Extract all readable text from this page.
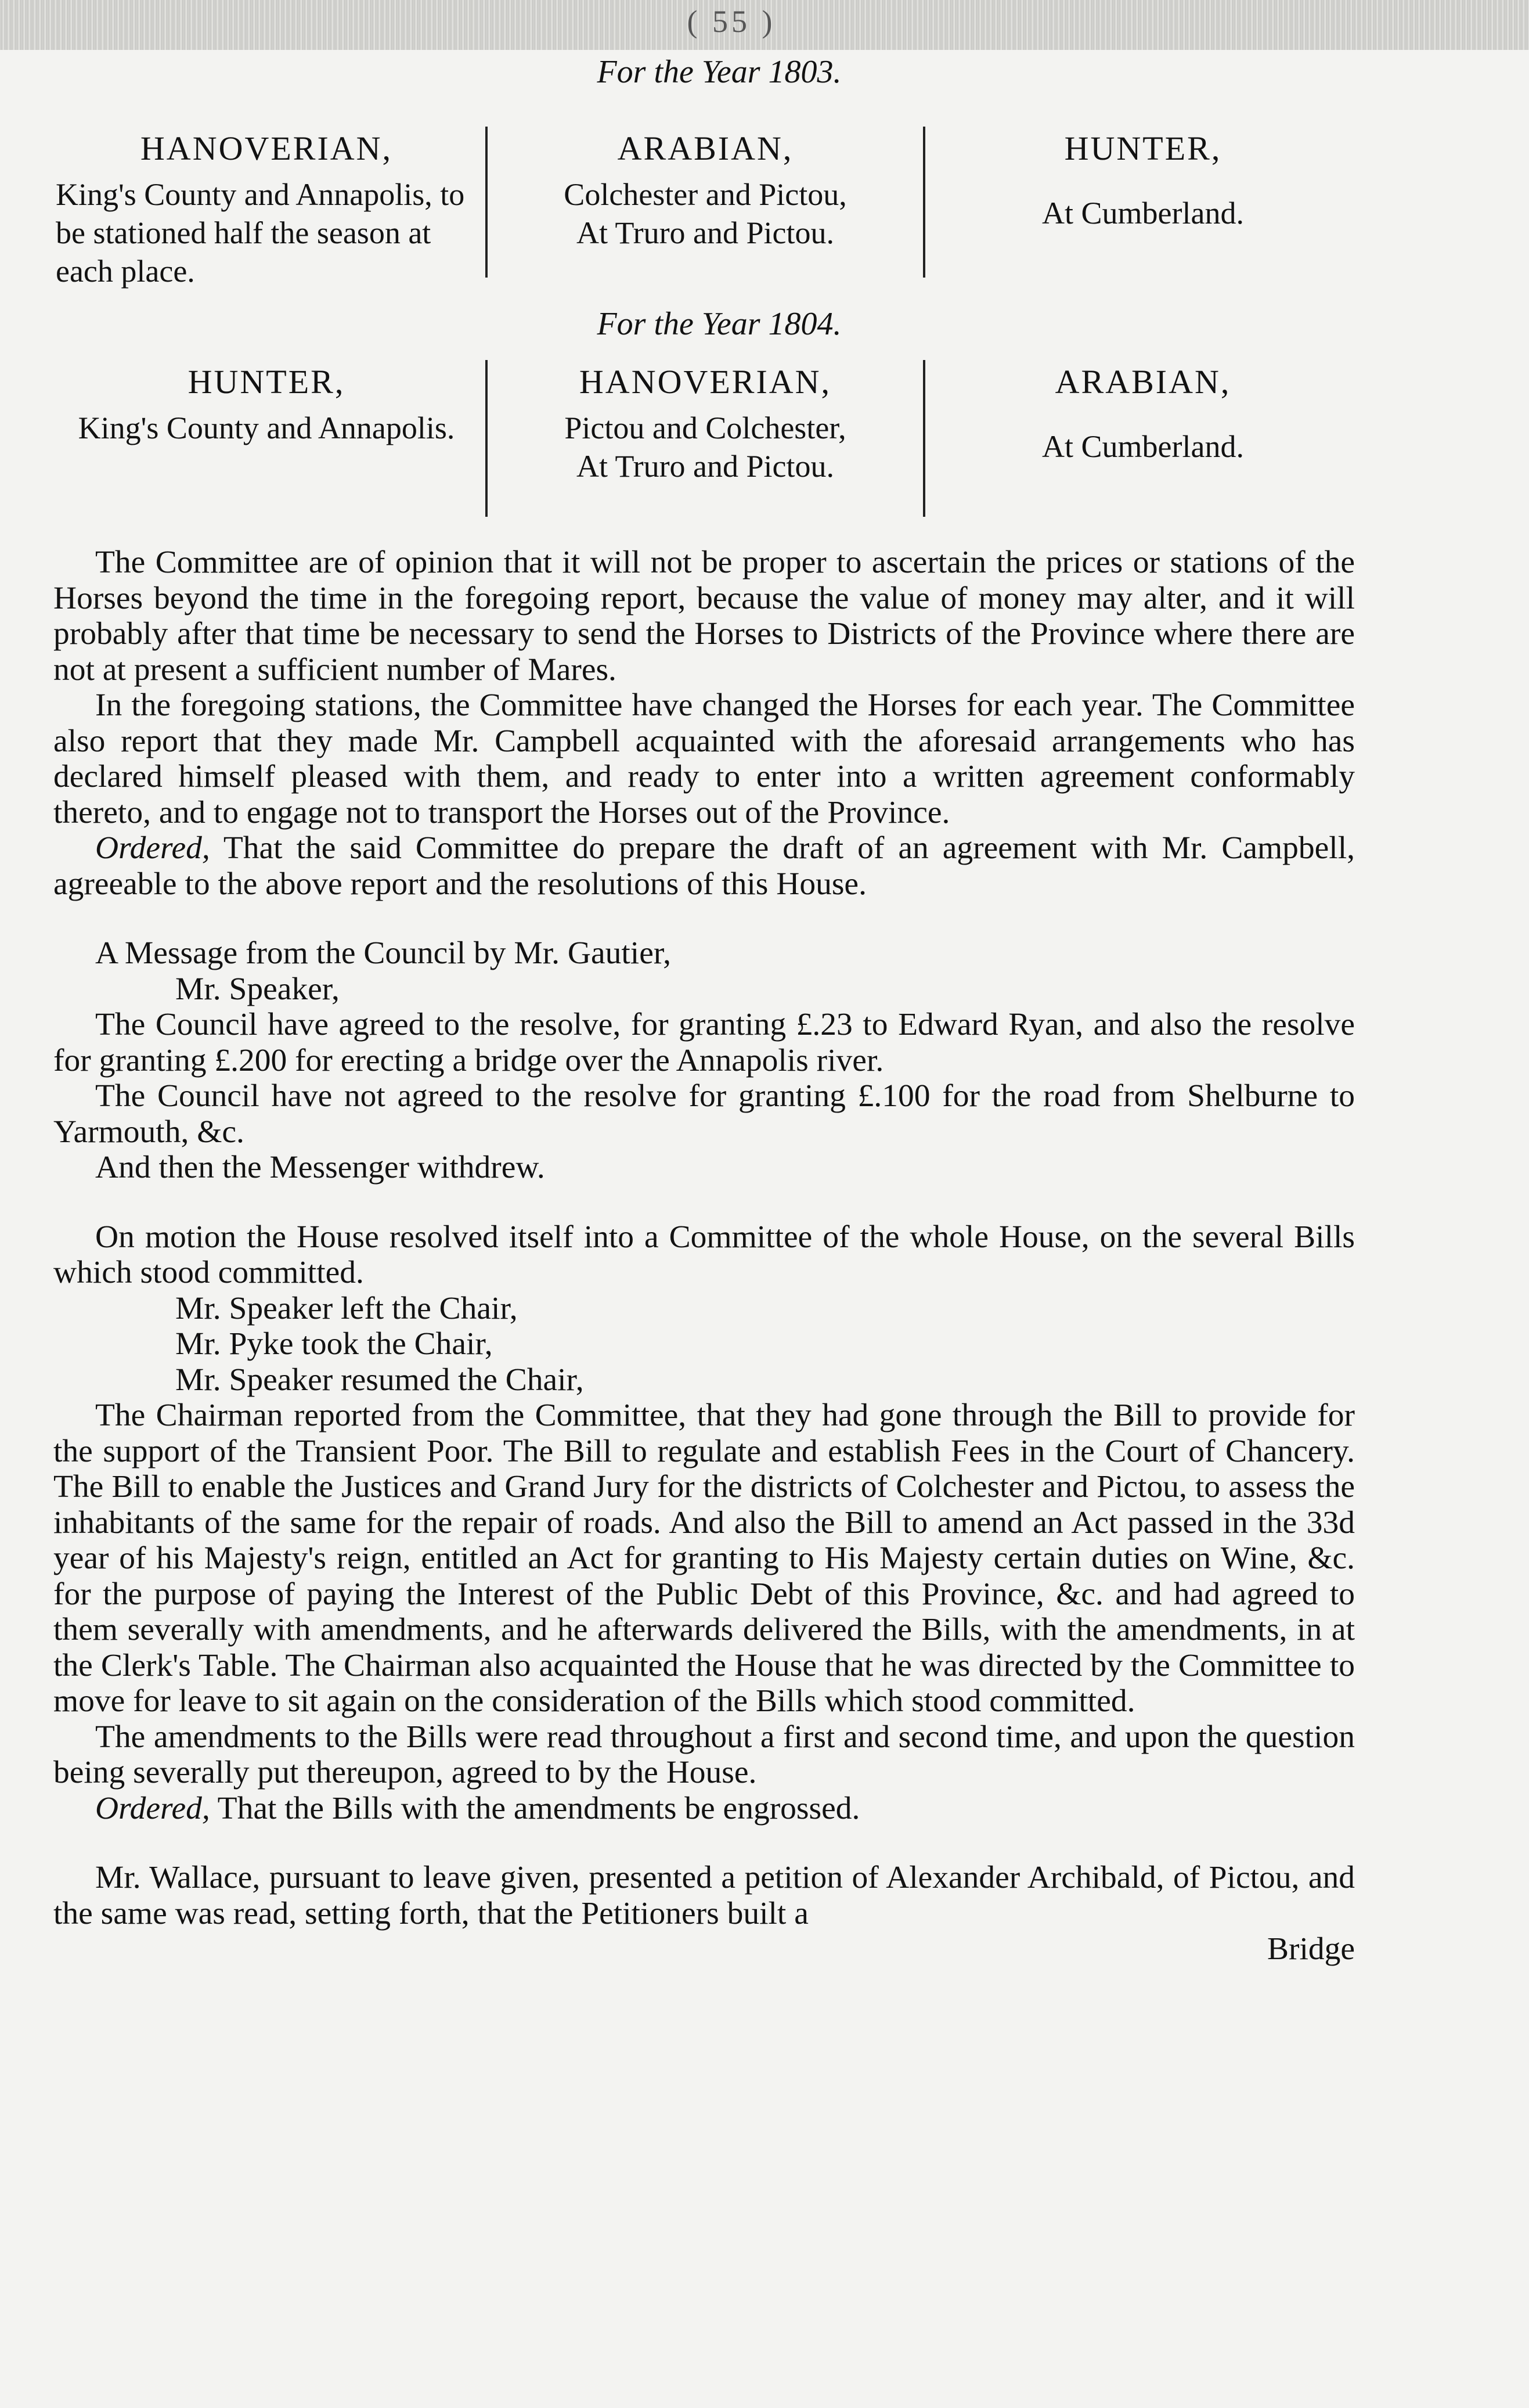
( 55 )
For the Year 1803.
HANOVERIAN,
King's County and Annapolis, to be stationed half the season at each place.
ARABIAN,
Colchester and Pictou,
At Truro and Pictou.
HUNTER,
At Cumberland.
For the Year 1804.
HUNTER,
King's County and Annapolis.
HANOVERIAN,
Pictou and Colchester,
At Truro and Pictou.
ARABIAN,
At Cumberland.

The Committee are of opinion that it will not be proper to ascertain the prices or stations of the Horses beyond the time in the foregoing report, because the value of money may alter, and it will probably after that time be necessary to send the Horses to Districts of the Province where there are not at present a sufficient number of Mares.

In the foregoing stations, the Committee have changed the Horses for each year. The Committee also report that they made Mr. Campbell acquainted with the aforesaid arrangements who has declared himself pleased with them, and ready to enter into a written agreement conformably thereto, and to engage not to transport the Horses out of the Province.

Ordered, That the said Committee do prepare the draft of an agreement with Mr. Campbell, agreeable to the above report and the resolutions of this House.

A Message from the Council by Mr. Gautier,

Mr. Speaker,

The Council have agreed to the resolve, for granting £.23 to Edward Ryan, and also the resolve for granting £.200 for erecting a bridge over the Annapolis river.

The Council have not agreed to the resolve for granting £.100 for the road from Shelburne to Yarmouth, &c.

And then the Messenger withdrew.

On motion the House resolved itself into a Committee of the whole House, on the several Bills which stood committed.

Mr. Speaker left the Chair,

Mr. Pyke took the Chair,

Mr. Speaker resumed the Chair,

The Chairman reported from the Committee, that they had gone through the Bill to provide for the support of the Transient Poor. The Bill to regulate and establish Fees in the Court of Chancery. The Bill to enable the Justices and Grand Jury for the districts of Colchester and Pictou, to assess the inhabitants of the same for the repair of roads. And also the Bill to amend an Act passed in the 33d year of his Majesty's reign, entitled an Act for granting to His Majesty certain duties on Wine, &c. for the purpose of paying the Interest of the Public Debt of this Province, &c. and had agreed to them severally with amendments, and he afterwards delivered the Bills, with the amendments, in at the Clerk's Table. The Chairman also acquainted the House that he was directed by the Committee to move for leave to sit again on the consideration of the Bills which stood committed.

The amendments to the Bills were read throughout a first and second time, and upon the question being severally put thereupon, agreed to by the House.

Ordered, That the Bills with the amendments be engrossed.

Mr. Wallace, pursuant to leave given, presented a petition of Alexander Archibald, of Pictou, and the same was read, setting forth, that the Petitioners built a

Bridge
